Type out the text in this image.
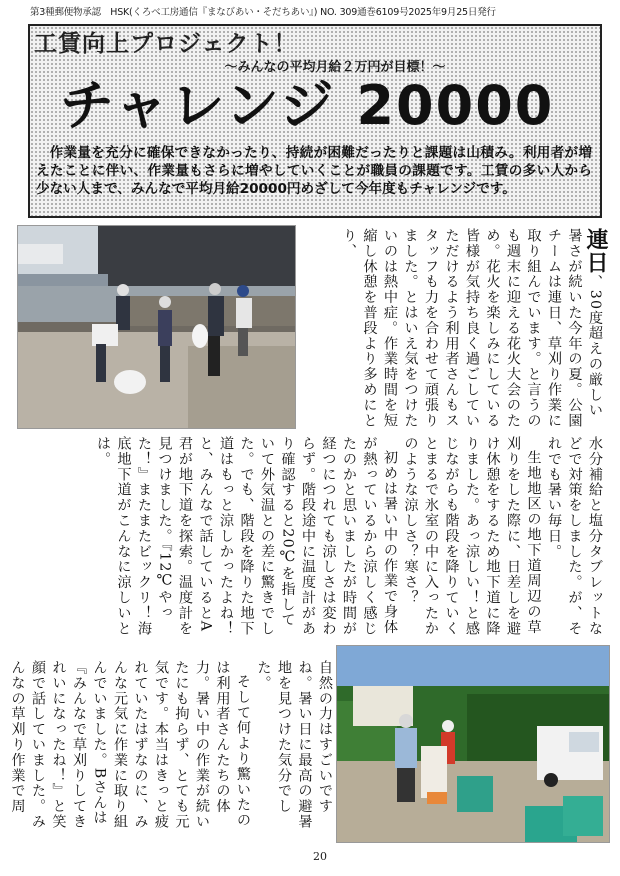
第3種郵便物承認　HSK(くろべ工房通信『まなびあい・そだちあい』) NO. 309通巻6109号2025年9月25日発行
工賃向上プロジェクト！
～みんなの平均月給２万円が目標！～
チャレンジ 20000
作業量を充分に確保できなかったり、持続が困難だったりと課題は山積み。利用者が増えたことに伴い、作業量もさらに増やしていくことが職員の課題です。工賃の多い人から少ない人まで、みんなで平均月給20000円めざして今年度もチャレンジです。

連日、30度超えの厳しい暑さが続いた今年の夏。公園チームは連日、草刈り作業に取り組んでいます。と言うのも週末に迎える花火大会のため。花火を楽しみにしている皆様が気持ち良く過ごしていただけるよう利用者さんもスタッフも力を合わせて頑張りました。とはいえ気をつけたいのは熱中症。作業時間を短縮し休憩を普段より多めにとり、

水分補給と塩分タブレットなどで対策をしました。が、それでも暑い毎日。

生地地区の地下道周辺の草刈りをした際に、日差しを避け休憩をするため地下道に降りました。あっ涼しい！と感じながらも階段を降りていくとまるで氷室の中に入ったかのような涼しさ？寒さ？

初めは暑い中の作業で身体が熱っているから涼しく感じたのかと思いましたが時間が経つにつれても涼しさは変わらず。階段途中に温度計があり確認すると20℃を指していて外気温との差に驚きでした。でも、階段を降りた地下道はもっと涼しかったよね！と、みんなで話しているとA君が地下道を探索。温度計を見つけました。『12℃やった！』またまたビックリ！海底地下道がこんなに涼しいとは。

自然の力はすごいですね。暑い日に最高の避暑地を見つけた気分でした。

そして何より驚いたのは利用者さんたちの体力。暑い中の作業が続いたにも拘らず、とても元気です。本当はきっと疲れていたはずなのに、みんな元気に作業に取り組んでいました。Bさんは『みんなで草刈りしてきれいになったね！』と笑顔で話していました。みんなの草刈り作業で周

20
